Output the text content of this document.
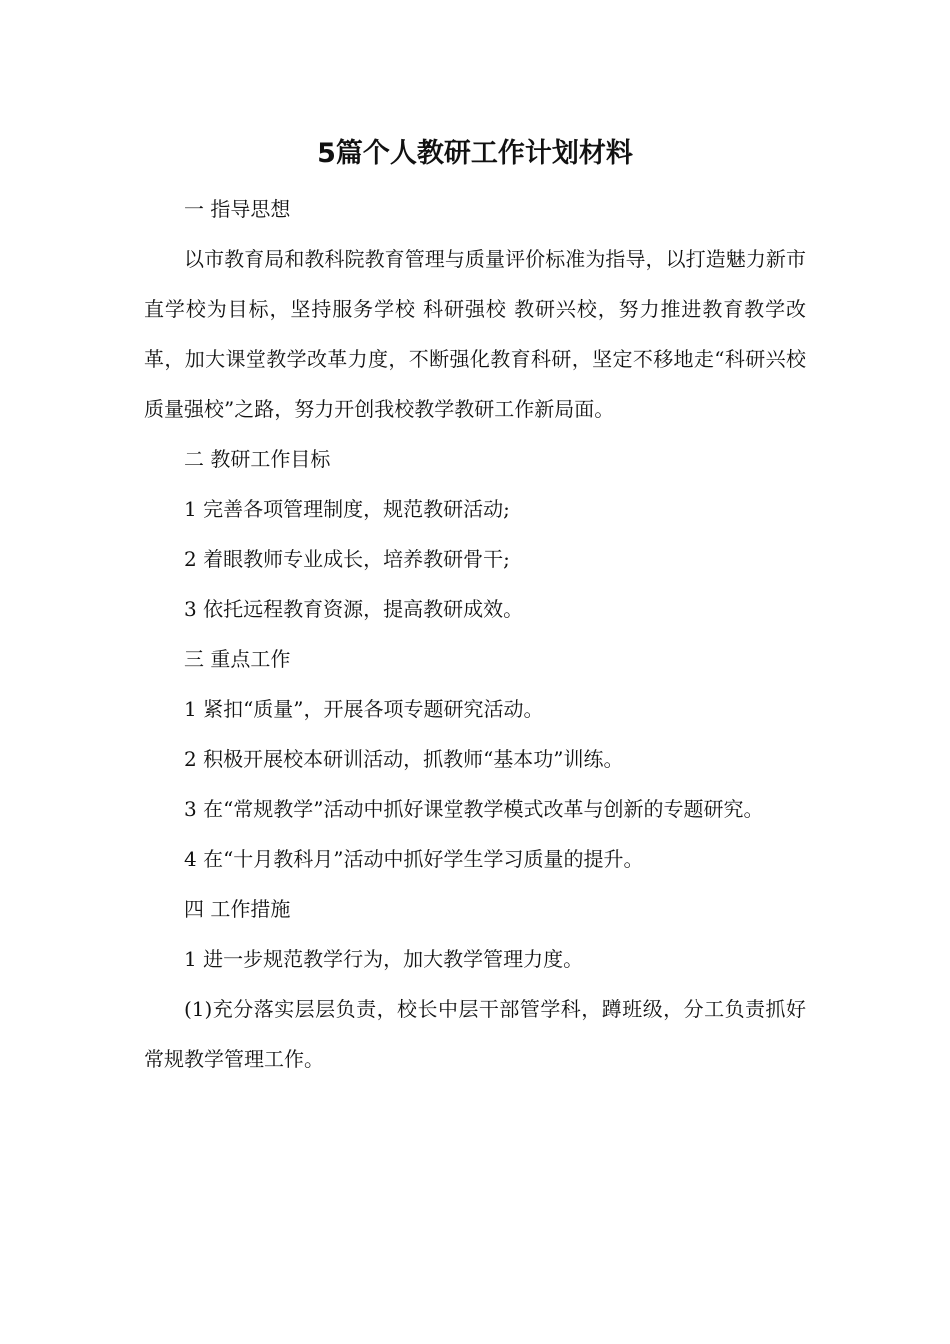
5篇个人教研工作计划材料

一 指导思想

以市教育局和教科院教育管理与质量评价标准为指导，以打造魅力新市直学校为目标，坚持服务学校 科研强校 教研兴校，努力推进教育教学改革，加大课堂教学改革力度，不断强化教育科研，坚定不移地走“科研兴校 质量强校”之路，努力开创我校教学教研工作新局面。

二 教研工作目标

1 完善各项管理制度，规范教研活动;

2 着眼教师专业成长，培养教研骨干;

3 依托远程教育资源，提高教研成效。

三 重点工作

1 紧扣“质量”，开展各项专题研究活动。

2 积极开展校本研训活动，抓教师“基本功”训练。

3 在“常规教学”活动中抓好课堂教学模式改革与创新的专题研究。

4 在“十月教科月”活动中抓好学生学习质量的提升。

四 工作措施

1 进一步规范教学行为，加大教学管理力度。

(1)充分落实层层负责，校长中层干部管学科，蹲班级，分工负责抓好常规教学管理工作。
